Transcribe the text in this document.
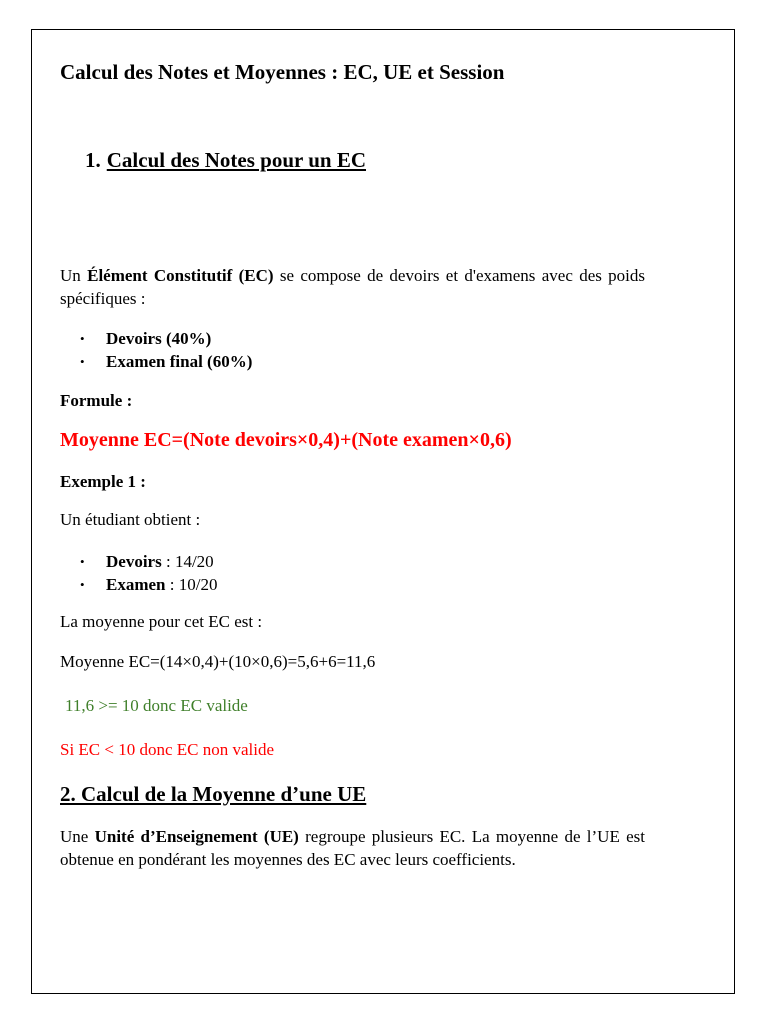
Calcul des Notes et Moyennes : EC, UE et Session
1. Calcul des Notes pour un EC

Un Élément Constitutif (EC) se compose de devoirs et d'examens avec des poids spécifiques :

• Devoirs (40%)
• Examen final (60%)

Formule :

Moyenne EC=(Note devoirs×0,4)+(Note examen×0,6)

Exemple 1 :

Un étudiant obtient :

• Devoirs : 14/20
• Examen : 10/20

La moyenne pour cet EC est :

Moyenne EC=(14×0,4)+(10×0,6)=5,6+6=11,6

11,6 >= 10 donc EC valide

Si EC < 10 donc EC non valide

2. Calcul de la Moyenne d’une UE

Une Unité d’Enseignement (UE) regroupe plusieurs EC. La moyenne de l’UE est obtenue en pondérant les moyennes des EC avec leurs coefficients.
